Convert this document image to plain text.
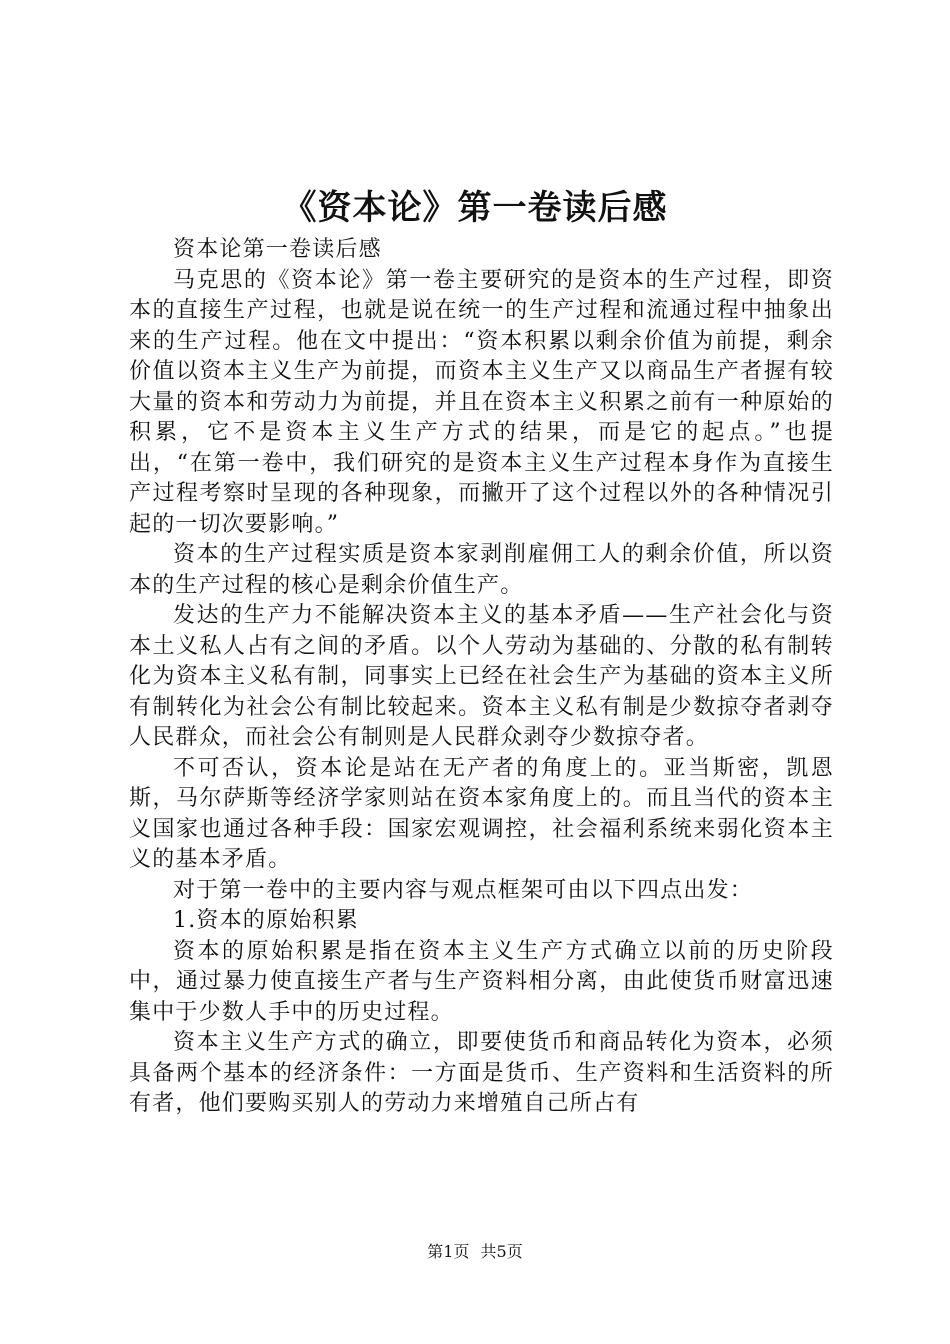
《资本论》第一卷读后感

资本论第一卷读后感

马克思的《资本论》第一卷主要研究的是资本的生产过程，即资本的直接生产过程，也就是说在统一的生产过程和流通过程中抽象出来的生产过程。他在文中提出：“资本积累以剩余价值为前提，剩余价值以资本主义生产为前提，而资本主义生产又以商品生产者握有较大量的资本和劳动力为前提，并且在资本主义积累之前有一种原始的积累，它不是资本主义生产方式的结果，而是它的起点。”也提出，“在第一卷中，我们研究的是资本主义生产过程本身作为直接生产过程考察时呈现的各种现象，而撇开了这个过程以外的各种情况引起的一切次要影响。”

资本的生产过程实质是资本家剥削雇佣工人的剩余价值，所以资本的生产过程的核心是剩余价值生产。

发达的生产力不能解决资本主义的基本矛盾——生产社会化与资本土义私人占有之间的矛盾。以个人劳动为基础的、分散的私有制转化为资本主义私有制，同事实上已经在社会生产为基础的资本主义所有制转化为社会公有制比较起来。资本主义私有制是少数掠夺者剥夺人民群众，而社会公有制则是人民群众剥夺少数掠夺者。

不可否认，资本论是站在无产者的角度上的。亚当斯密，凯恩斯，马尔萨斯等经济学家则站在资本家角度上的。而且当代的资本主义国家也通过各种手段：国家宏观调控，社会福利系统来弱化资本主义的基本矛盾。

对于第一卷中的主要内容与观点框架可由以下四点出发：

1.资本的原始积累

资本的原始积累是指在资本主义生产方式确立以前的历史阶段中，通过暴力使直接生产者与生产资料相分离，由此使货币财富迅速集中于少数人手中的历史过程。

资本主义生产方式的确立，即要使货币和商品转化为资本，必须具备两个基本的经济条件：一方面是货币、生产资料和生活资料的所有者，他们要购买别人的劳动力来增殖自己所占有

第1页 共5页
